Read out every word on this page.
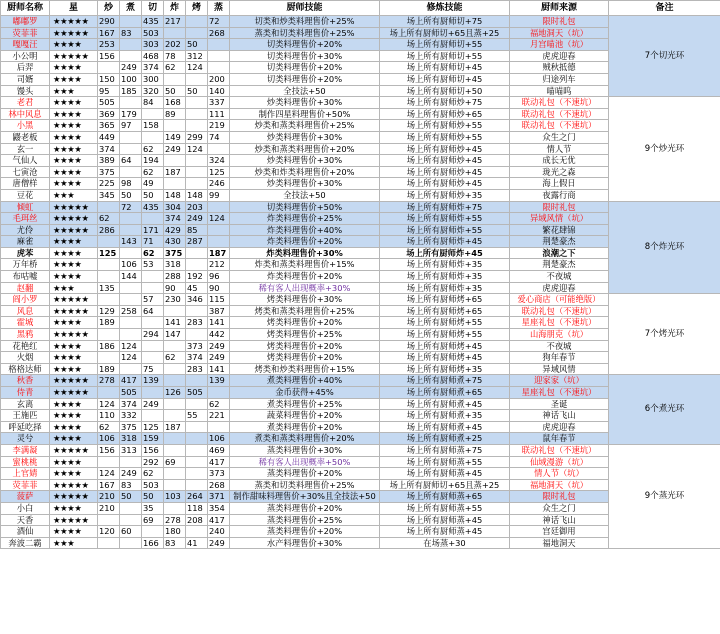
厨师名称	星	炒	煮	切	炸	烤	蒸	厨师技能	修炼技能	厨师来源	备注
嘟嘟罗	★★★★★	290		435	217		72	切类和炒类料理售价+25%	场上所有厨师切+75	限时礼包	7个切光环
荧菲菲	★★★★★	167	83	503			268	蒸类和切类料理售价+25%	场上所有厨师切+65且蒸+25	福地洞天（坑）	
嘎嘎汪	★★★★	253		303	202	50		切类料理售价+20%	场上所有厨师切+55	月宫喵池（坑）	
小公明	★★★★★	156		468	78	312		切类料理售价+30%	场上所有厨师切+55	虎虎迎春	
后羿	★★★★		249	374	62	124		切类料理售价+20%	场上所有厨师切+45	贼秋抵德	
司婿	★★★★	150	100	300			200	切类料理售价+20%	场上所有厨师切+45	归途列车	
馒头	★★★	95	185	320	50	50	140	全技法+50	场上所有厨师切+50	喵喵呜	
老君	★★★★	505		84	168		337	炒类料理售价+30%	场上所有厨师炒+75	联动礼包（不速坑）	9个炒光环
林中风息	★★★★	369	179		89		111	制作四星料理售价+50%	场上所有厨师炒+65	联动礼包（不速坑）	
小黑	★★★★	365	97	158			219	炒类和蒸类料理售价+25%	场上所有厨师炒+55	联动礼包（不速坑）	
鼹老板	★★★★	449			149	299	74	炒类料理售价+30%	场上所有厨师炒+55	众生之门	
玄一	★★★★	374		62	249	124		炒类和蒸类料理售价+20%	场上所有厨师炒+45	情人节	
气仙人	★★★★	389	64	194			324	炒类料理售价+30%	场上所有厨师炒+45	成长无优	
七寅沧	★★★★	375		62	187		125	炒类和炸类料理售价+20%	场上所有厨师炒+45	珑光之森	
唐僧样	★★★★	225	98	49			246	炒类料理售价+30%	场上所有厨师炒+45	海上假日	
豆花	★★★	345	50	50	148	148	99	全技法+50	场上所有厨师炒+35	夜露行商	
倾虹	★★★★★		72	435	304	203		切类料理售价+50%	场上所有厨师炸+75	限时礼包	8个炸光环
毛珥丝	★★★★★	62			374	249	124	炸类料理售价+25%	场上所有厨师炸+55	异域风情（坑）	
尤伶	★★★★★	286		171	429	85		炸类料理售价+40%	场上所有厨师炸+55	繁花肆锦	
麻雀	★★★★		143	71	430	287		炸类料理售价+20%	场上所有厨师炸+45	荆楚豪杰	
虎苯	★★★★	125		62	375		187	炸类料理售价+30%	场上所有厨师炸+45	浪潮之下	
万年桥	★★★★		106	53	318		212	炸类和蒸类料理售价+15%	场上所有厨师炸+35	荆楚豪杰	
布咕嘘	★★★★		144		288	192	96	炸类料理售价+20%	场上所有厨师炸+35	不夜城	
赵翻	★★★	135			90	45	90	稀有客人出现概率+30%	场上所有厨师炸+35	虎虎迎春	
阎小罗	★★★★★			57	230	346	115	烤类料理售价+30%	场上所有厨师烤+65	爱心商店（可能绝版）	7个烤光环
风息	★★★★★	129	258	64			387	烤类和蒸类料理售价+25%	场上所有厨师烤+65	联动礼包（不速坑）	
霍城	★★★★	189			141	283	141	烤类料理售价+20%	场上所有厨师烤+55	星座礼包（不速坑）	
黑鸦	★★★★★			294	147		442	烤类料理售价+25%	场上所有厨师烤+55	山海朋克（坑）	
花艳红	★★★★	186	124			373	249	烤类料理售价+20%	场上所有厨师烤+45	不夜城	
火烟	★★★★		124		62	374	249	烤类料理售价+20%	场上所有厨师烤+45	狗年春节	
格格达师	★★★★	189		75		283	141	烤类和炒类料理售价+15%	场上所有厨师烤+35	异域风情	
秋香	★★★★★	278	417	139			139	煮类料理售价+40%	场上所有厨师煮+75	迎家家（坑）	6个煮光环
侍青	★★★★★		505		126	505		金币获得+45%	场上所有厨师煮+65	星座礼包（不速坑）	
玄离	★★★★	124	374	249			62	煮类料理售价+25%	场上所有厨师煮+45	圣诞	
王施匹	★★★★	110	332			55	221	蔬菜料理售价+20%	场上所有厨师煮+35	神话飞山	
呼延吃择	★★★★	62	375	125	187			煮类料理售价+20%	场上所有厨师煮+45	虎虎迎春	
灵兮	★★★★	106	318	159			106	煮类和蒸类料理售价+20%	场上所有厨师煮+25	鼠年春节	
李满凝	★★★★★	156	313	156			469	蒸类料理售价+30%	场上所有厨师蒸+75	联动礼包（不速坑）	9个蒸光环
蜜桃桃	★★★★			292	69		417	稀有客人出现概率+50%	场上所有厨师蒸+55	仙域漫游（坑）	
上官婧	★★★★	124	249	62			373	蒸类料理售价+20%	场上所有厨师蒸+45	情人节（坑）	
荧菲菲	★★★★★	167	83	503			268	蒸类和切类料理售价+25%	场上所有厨师切+65且蒸+25	福地洞天（坑）	
菠萨	★★★★★	210	50	50	103	264	371	制作甜味料理售价+30%且全技法+50	场上所有厨师蒸+65	限时礼包	
小白	★★★★	210		35		118	354	蒸类料理售价+20%	场上所有厨师蒸+55	众生之门	
天香	★★★★★			69	278	208	417	蒸类料理售价+25%	场上所有厨师蒸+45	神话飞山	
酒仙	★★★★	120	60		180		240	蒸类料理售价+20%	场上所有厨师蒸+45	宫廷御用	
奔波二霸	★★★			166	83	41	249	水产料理售价+30%	在场蒸+30	福地洞天	
